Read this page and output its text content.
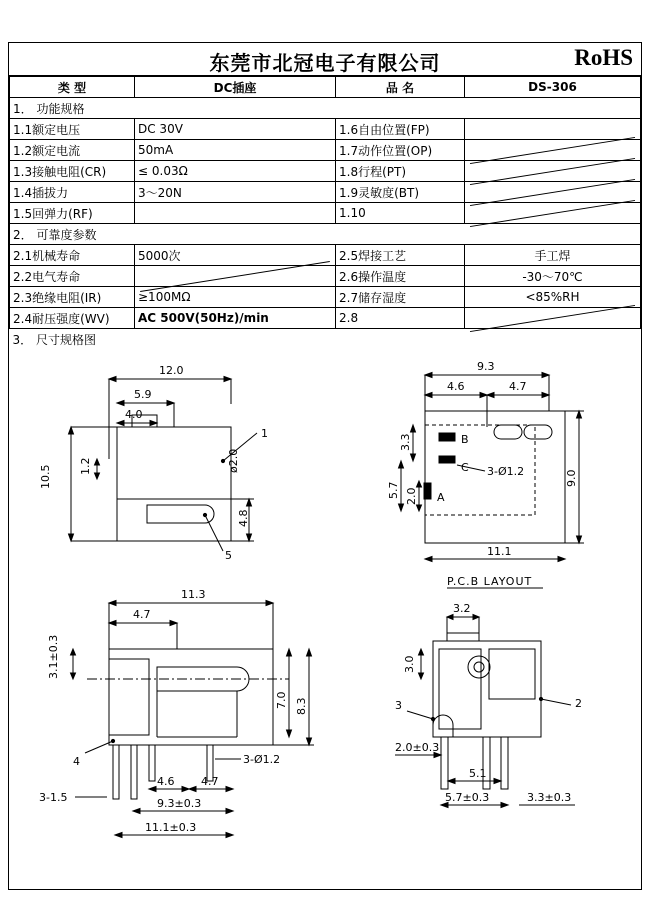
东莞市北冠电子有限公司	RoHS
类 型	DC插座	品 名	DS-306
1． 功能规格			
1.1额定电压	DC 30V	1.6自由位置(FP)	
1.2额定电流	50mA	1.7动作位置(OP)	
1.3接触电阻(CR)	≤ 0.03Ω	1.8行程(PT)	
1.4插拔力	3～20N	1.9灵敏度(BT)	
1.5回弹力(RF)		1.10	
2． 可靠度参数			
2.1机械寿命	5000次	2.5焊接工艺	手工焊
2.2电气寿命		2.6操作温度	-30～70℃
2.3绝缘电阻(IR)	≥100MΩ	2.7储存湿度	<85%RH
2.4耐压强度(WV)	AC 500V(50Hz)/min	2.8	
3． 尺寸规格图			
12.0
5.9
4.0
10.5 1.2
4.8
ø2.0
1
5
9.3
4.6	4.7
B
C
A
3-Ø1.2
3.3
5.7 2.0
9.0
11.1
P.C.B LAYOUT
11.3
4.7
3.1±0.3
7.0 8.3
4	3-Ø1.2
3-1.5
4.6 4.7
9.3±0.3
11.1±0.3
3.2
3.0
3	2
2.0±0.3
5.1
5.7±0.3	3.3±0.3
